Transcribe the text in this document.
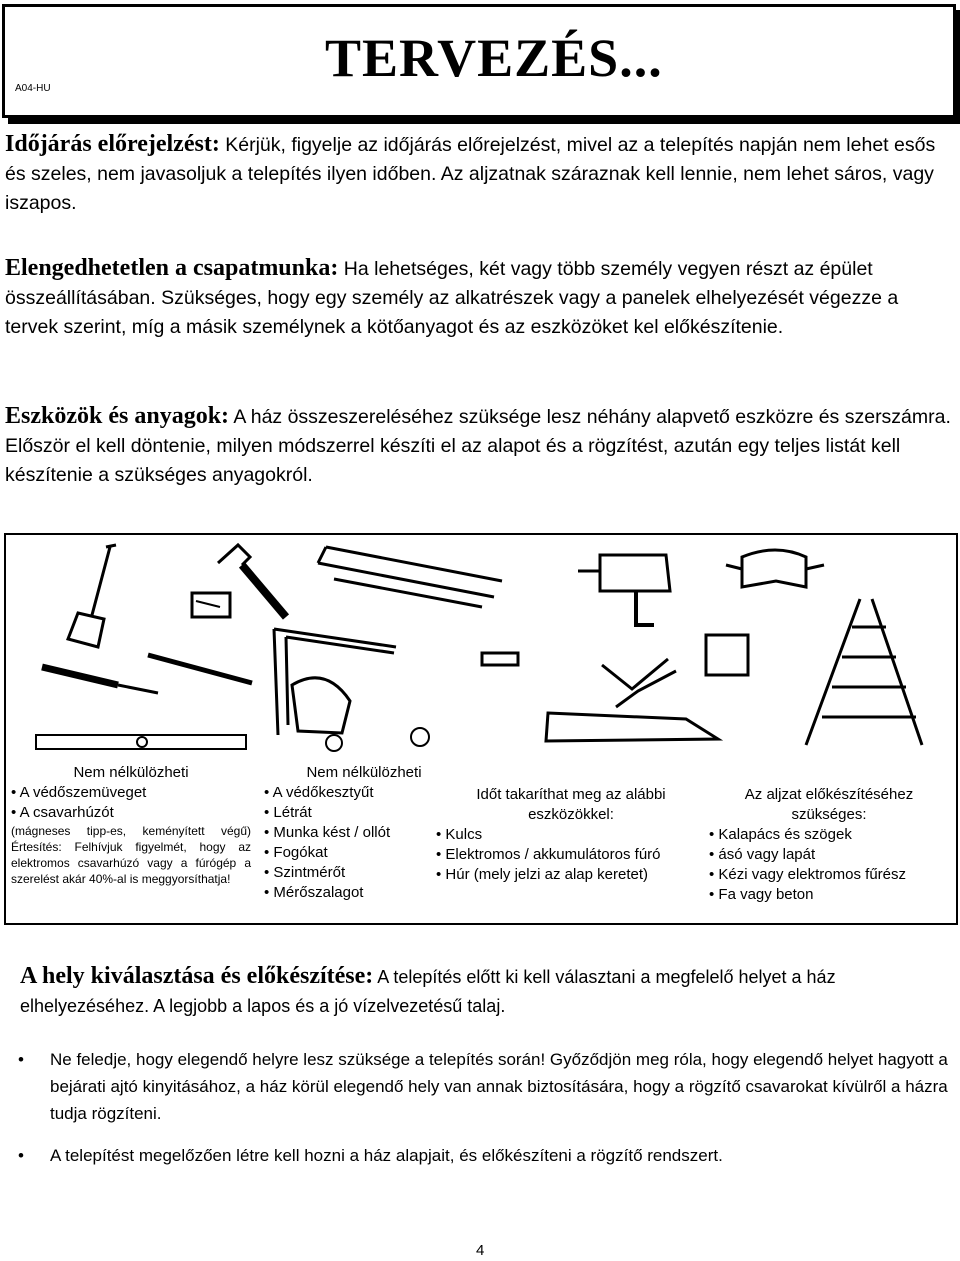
A04-HU
TERVEZÉS...
Időjárás előrejelzést: Kérjük, figyelje az időjárás előrejelzést, mivel az a telepítés napján nem lehet esős és szeles, nem javasoljuk a telepítés ilyen időben. Az aljzatnak száraznak kell lennie, nem lehet sáros, vagy iszapos.
Elengedhetetlen a csapatmunka: Ha lehetséges, két vagy több személy vegyen részt az épület összeállításában. Szükséges, hogy egy személy az alkatrészek vagy a panelek elhelyezését végezze a tervek szerint, míg a másik személynek a kötőanyagot és az eszközöket kel előkészítenie.
Eszközök és anyagok: A ház összeszereléséhez szüksége lesz néhány alapvető eszközre és szerszámra. Először el kell döntenie, milyen módszerrel készíti el az alapot és a rögzítést, azután egy teljes listát kell készítenie a szükséges anyagokról.
Nem nélkülözheti
• A védőszemüveget
• A csavarhúzót
(mágneses tipp-es, keményített végű) Értesítés: Felhívjuk figyelmét, hogy az elektromos csavarhúzó vagy a fúrógép a szerelést akár 40%-al is meggyorsíthatja!
Nem nélkülözheti
• A védőkesztyűt
• Létrát
• Munka kést / ollót
• Fogókat
• Szintmérőt
• Mérőszalagot
Időt takaríthat meg az alábbi eszközökkel:
• Kulcs
• Elektromos / akkumulátoros fúró
• Húr (mely jelzi az alap keretet)
Az aljzat előkészítéséhez szükséges:
• Kalapács és szögek
• ásó vagy lapát
• Kézi vagy elektromos fűrész
• Fa vagy beton
A hely kiválasztása és előkészítése: A telepítés előtt ki kell választani a megfelelő helyet a ház elhelyezéséhez. A legjobb a lapos és a jó vízelvezetésű talaj.
• Ne feledje, hogy elegendő helyre lesz szüksége a telepítés során! Győződjön meg róla, hogy elegendő helyet hagyott a bejárati ajtó kinyitásához, a ház körül elegendő hely van annak biztosítására, hogy a rögzítő csavarokat kívülről a házra tudja rögzíteni.
• A telepítést megelőzően létre kell hozni a ház alapjait, és előkészíteni a rögzítő rendszert.
4
